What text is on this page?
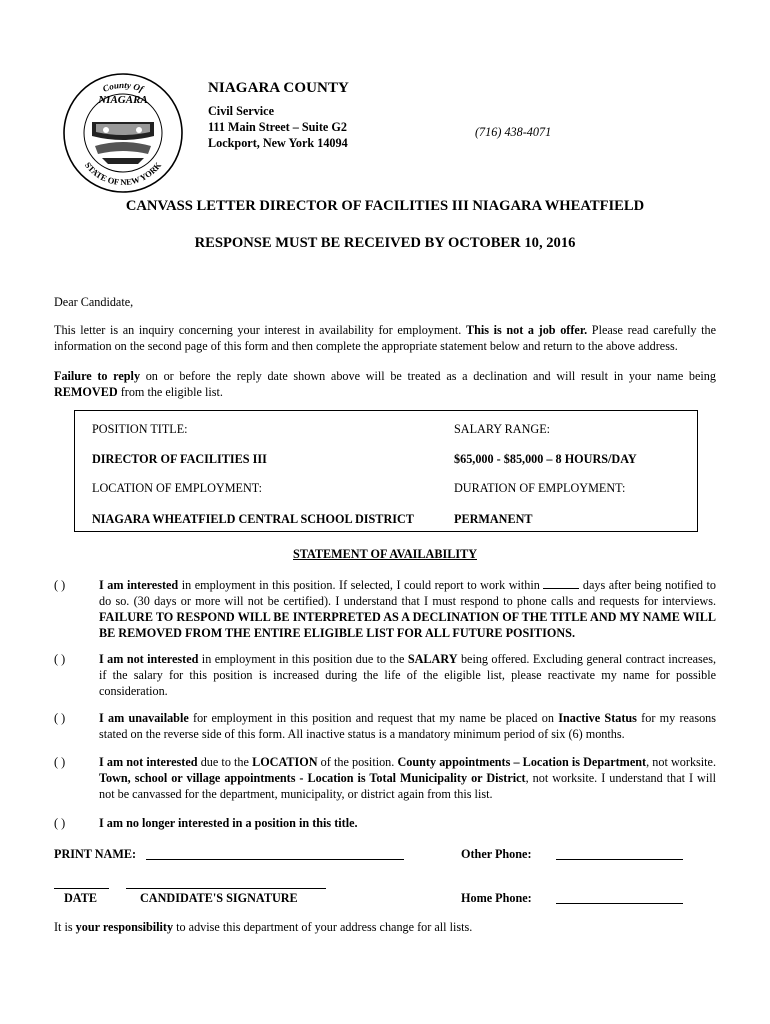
County Of
STATE OF NEW YORK
NIAGARA
NIAGARA COUNTY
Civil Service
111 Main Street – Suite G2
Lockport, New York 14094
(716) 438-4071
CANVASS LETTER DIRECTOR OF FACILITIES III NIAGARA WHEATFIELD
RESPONSE MUST BE RECEIVED BY OCTOBER 10, 2016
Dear Candidate,
This letter is an inquiry concerning your interest in availability for employment. This is not a job offer. Please read carefully the information on the second page of this form and then complete the appropriate statement below and return to the above address.
Failure to reply on or before the reply date shown above will be treated as a declination and will result in your name being REMOVED from the eligible list.
POSITION TITLE:
DIRECTOR OF FACILITIES III
SALARY RANGE:
$65,000 - $85,000 – 8 HOURS/DAY
LOCATION OF EMPLOYMENT:
NIAGARA WHEATFIELD CENTRAL SCHOOL DISTRICT
DURATION OF EMPLOYMENT:
PERMANENT
STATEMENT OF AVAILABILITY
( )	I am interested in employment in this position. If selected, I could report to work within	days after being notified to do so. (30 days or more will not be certified). I understand that I must respond to phone calls and requests for interviews. FAILURE TO RESPOND WILL BE INTERPRETED AS A DECLINATION OF THE TITLE AND MY NAME WILL BE REMOVED FROM THE ENTIRE ELIGIBLE LIST FOR ALL FUTURE POSITIONS.
( )	I am not interested in employment in this position due to the SALARY being offered. Excluding general contract increases, if the salary for this position is increased during the life of the eligible list, please reactivate my name for possible consideration.
( )	I am unavailable for employment in this position and request that my name be placed on Inactive Status for my reasons stated on the reverse side of this form. All inactive status is a mandatory minimum period of six (6) months.
( )	I am not interested due to the LOCATION of the position. County appointments – Location is Department, not worksite. Town, school or village appointments - Location is Total Municipality or District, not worksite. I understand that I will not be canvassed for the department, municipality, or district again from this list.
( )	I am no longer interested in a position in this title.
PRINT NAME:	Other Phone:
DATE	CANDIDATE'S SIGNATURE	Home Phone:
It is your responsibility to advise this department of your address change for all lists.
